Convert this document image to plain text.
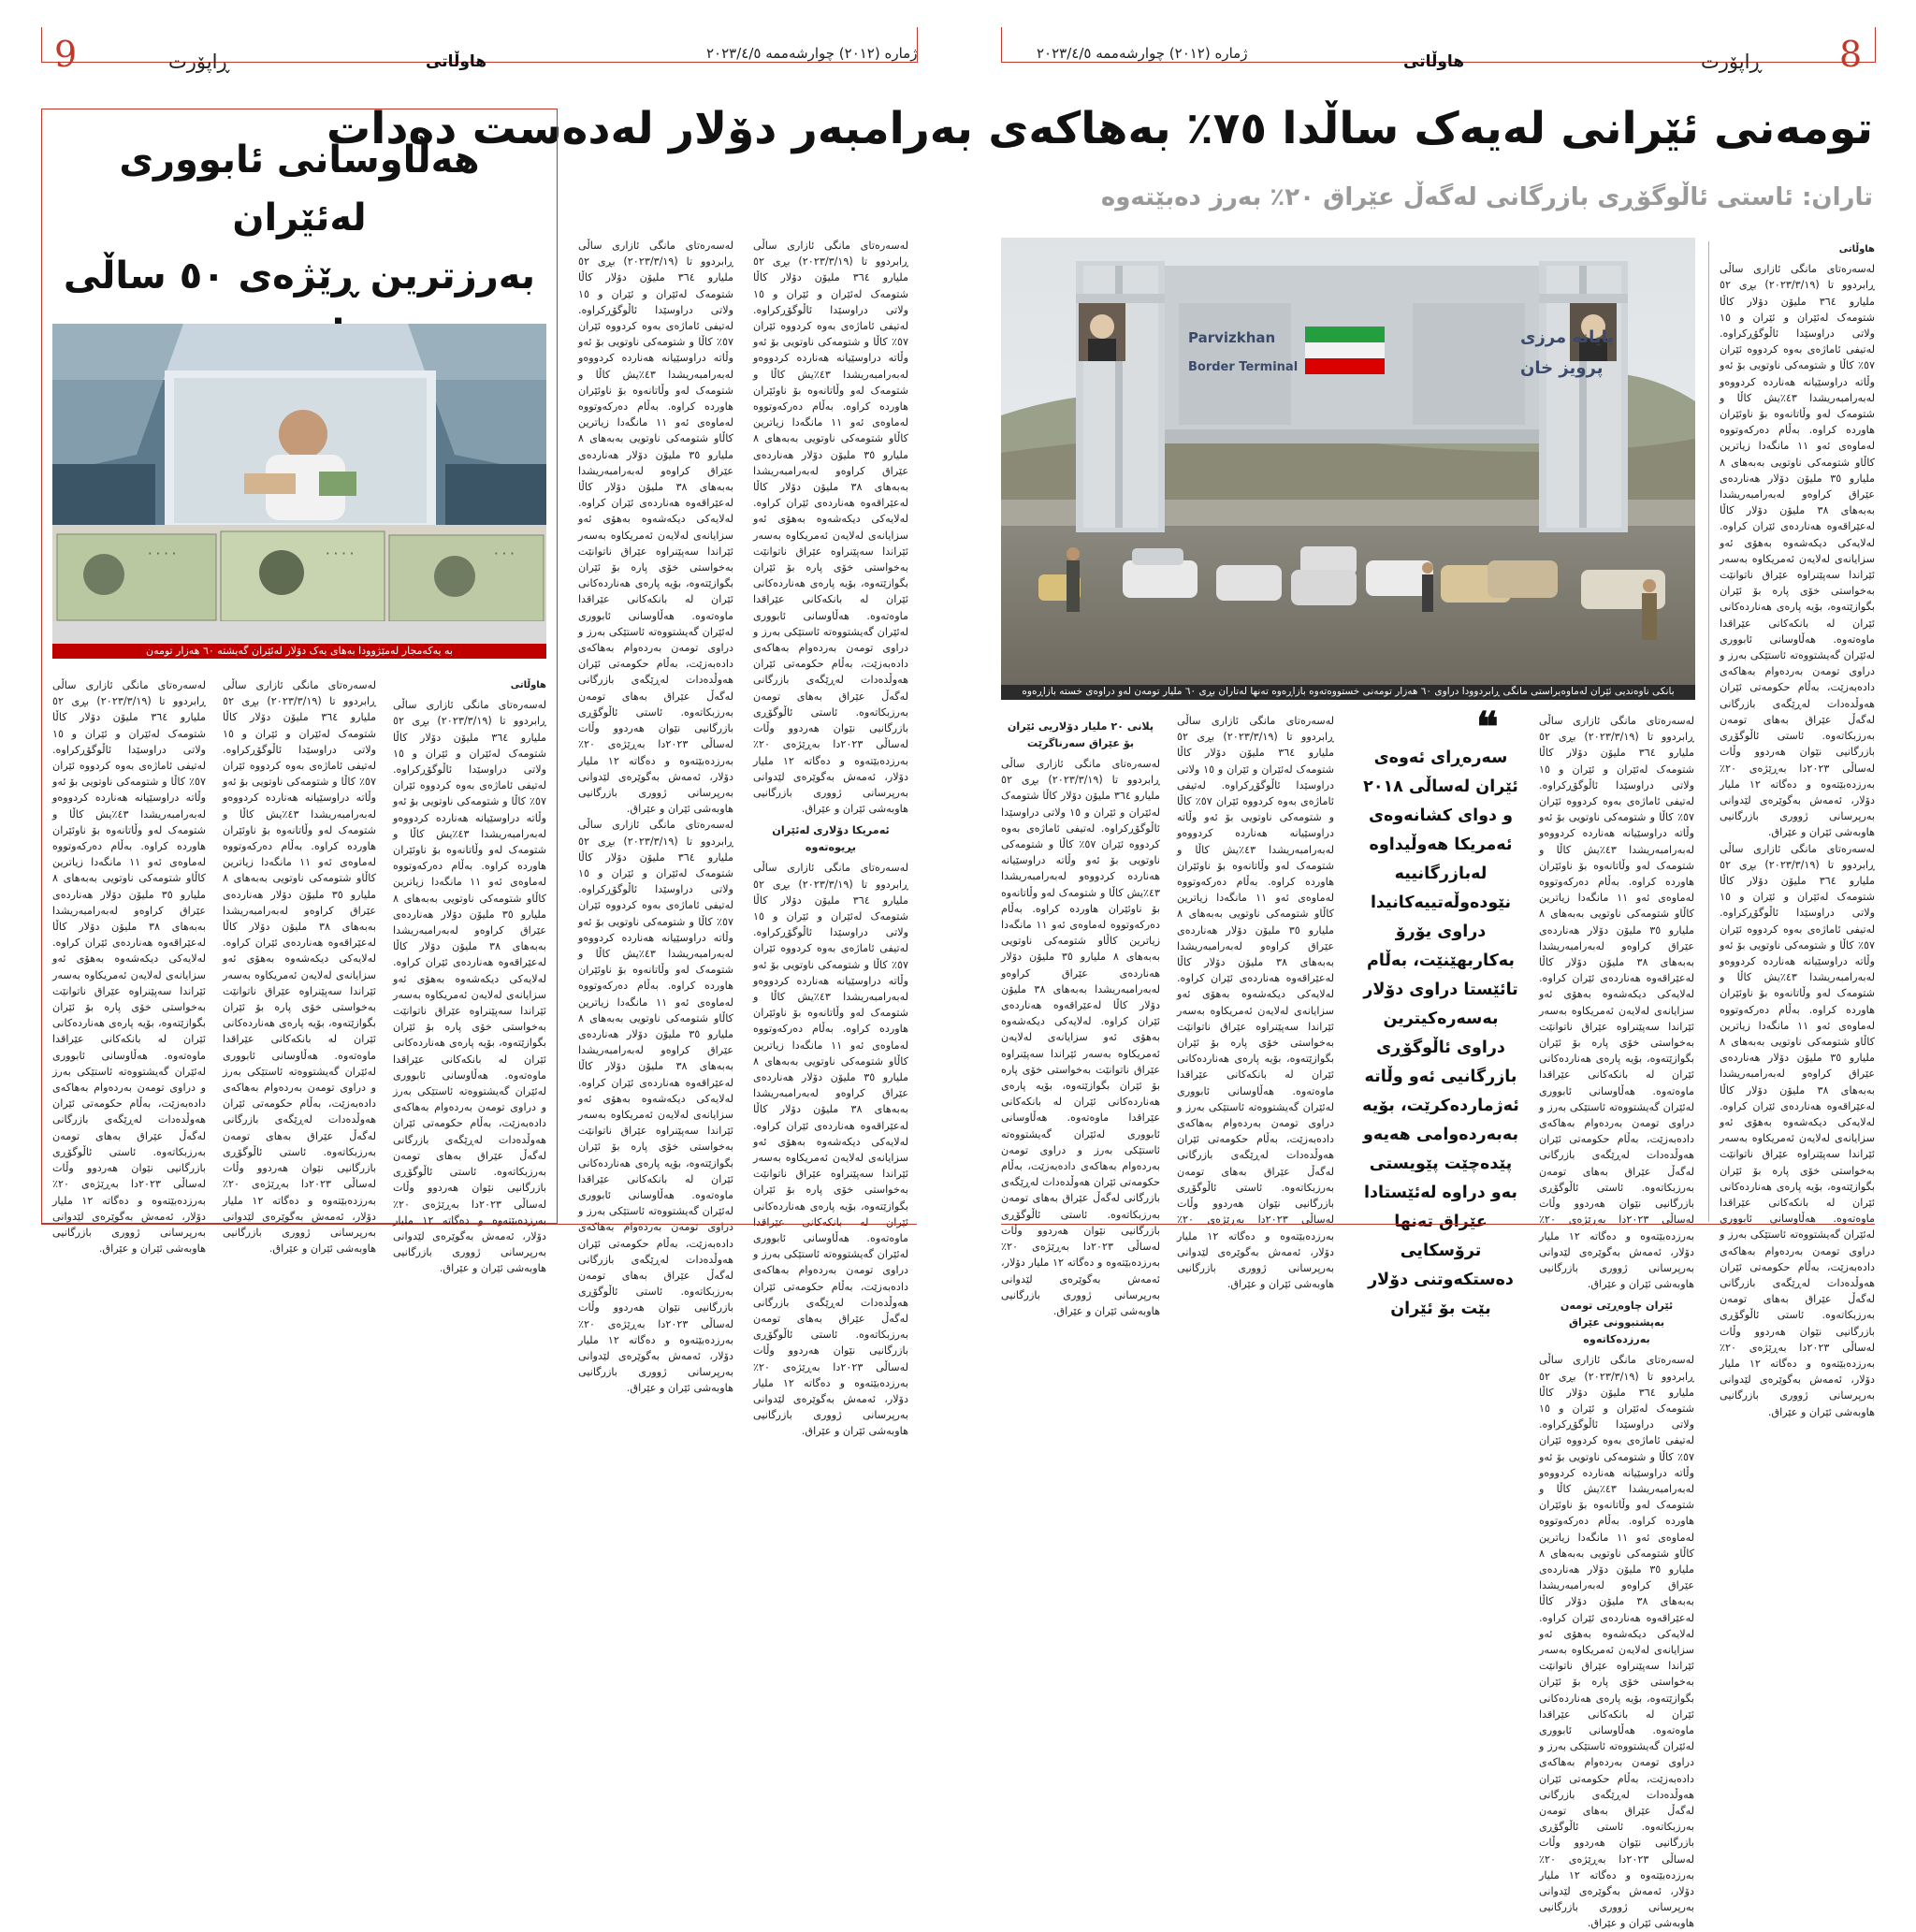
9	ڕاپۆرت	هاوڵاتی	ژمارە (٢٠١٢) چوارشەممە ٢٠٢٣/٤/٥	ژمارە (٢٠١٢) چوارشەممە ٢٠٢٣/٤/٥	هاوڵاتی	ڕاپۆرت 8
تومەنی ئێرانی لەیەک ساڵدا ٧٥٪ بەهاکەی بەرامبەر دۆلار لەدەست دەدات
تاران: ئاستی ئاڵوگۆڕی بازرگانی لەگەڵ عێراق ٢٠٪ بەرز دەبێتەوە
Parvizkhan
Border Terminal
پایانە مرزی
پرویز خان
بانکی ناوەندیی ئێران لەماوەیراستی مانگی ڕابردوودا دراوی ٦٠ هەزار تومەنی خستووەتەوە بازاڕەوە تەنها لەتاران بڕی ٦٠ ملیار تومەن لەو دراوەی خستە بازاڕەوە

هاوڵاتی

لەسەرەتای مانگی ئازاری ساڵی ڕابردوو تا (٢٠٢٣/٣/١٩) بڕی ٥٢ ملیارو ٣٦٤ ملیۆن دۆلار کاڵا شتومەک لەئێران و ئێران و ١٥ ولاتی دراوسێدا ئاڵوگۆڕکراوە. لەتیفی ئاماژەی بەوە کردووە ئێران ٥٧٪ کاڵا و شتومەکی ناوتویی بۆ ئەو وڵاتە دراوسێیانە هەناردە کردووەو لەبەرامبەریشدا ٤٣٪یش کاڵا و شتومەک لەو وڵاتانەوە بۆ ناوئێران هاوردە کراوە. بەڵام دەرکەوتووە لەماوەی ئەو ١١ مانگەدا زیاترین کاڵاو شتومەکی ناوتویی بەبەهای ٨ ملیارو ٣٥ ملیۆن دۆلار هەناردەی عێراق کراوەو لەبەرامبەریشدا بەبەهای ٣٨ ملیۆن دۆلار کاڵا لەعێراقەوە هەناردەی ئێران کراوە. لەلایەکی دیکەشەوە بەهۆی ئەو سزایانەی لەلایەن ئەمریکاوە بەسەر ئێراندا سەپێنراوە عێراق ناتوانێت بەخواستی خۆی پارە بۆ ئێران بگوازێتەوە، بۆیە پارەی هەناردەکانی ئێران لە بانکەکانی عێراقدا ماوەتەوە. هەڵاوسانی ئابووری لەئێران گەیشتووەتە ئاستێکی بەرز و دراوی تومەن بەردەوام بەهاکەی دادەبەزێت، بەڵام حکومەتی ئێران هەوڵدەدات لەڕێگەی بازرگانی لەگەڵ عێراق بەهای تومەن بەرزبکاتەوە. ئاستی ئاڵوگۆڕی بازرگانیی نێوان هەردوو وڵات لەساڵی ٢٠٢٣دا بەڕێژەی ٢٠٪ بەرزدەبێتەوە و دەگاتە ١٢ ملیار دۆلار، ئەمەش بەگوێرەی لێدوانی بەرپرسانی ژووری بازرگانیی هاوبەشی ئێران و عێراق.

لەسەرەتای مانگی ئازاری ساڵی ڕابردوو تا (٢٠٢٣/٣/١٩) بڕی ٥٢ ملیارو ٣٦٤ ملیۆن دۆلار کاڵا شتومەک لەئێران و ئێران و ١٥ ولاتی دراوسێدا ئاڵوگۆڕکراوە. لەتیفی ئاماژەی بەوە کردووە ئێران ٥٧٪ کاڵا و شتومەکی ناوتویی بۆ ئەو وڵاتە دراوسێیانە هەناردە کردووەو لەبەرامبەریشدا ٤٣٪یش کاڵا و شتومەک لەو وڵاتانەوە بۆ ناوئێران هاوردە کراوە. بەڵام دەرکەوتووە لەماوەی ئەو ١١ مانگەدا زیاترین کاڵاو شتومەکی ناوتویی بەبەهای ٨ ملیارو ٣٥ ملیۆن دۆلار هەناردەی عێراق کراوەو لەبەرامبەریشدا بەبەهای ٣٨ ملیۆن دۆلار کاڵا لەعێراقەوە هەناردەی ئێران کراوە. لەلایەکی دیکەشەوە بەهۆی ئەو سزایانەی لەلایەن ئەمریکاوە بەسەر ئێراندا سەپێنراوە عێراق ناتوانێت بەخواستی خۆی پارە بۆ ئێران بگوازێتەوە، بۆیە پارەی هەناردەکانی ئێران لە بانکەکانی عێراقدا ماوەتەوە. هەڵاوسانی ئابووری لەئێران گەیشتووەتە ئاستێکی بەرز و دراوی تومەن بەردەوام بەهاکەی دادەبەزێت، بەڵام حکومەتی ئێران هەوڵدەدات لەڕێگەی بازرگانی لەگەڵ عێراق بەهای تومەن بەرزبکاتەوە. ئاستی ئاڵوگۆڕی بازرگانیی نێوان هەردوو وڵات لەساڵی ٢٠٢٣دا بەڕێژەی ٢٠٪ بەرزدەبێتەوە و دەگاتە ١٢ ملیار دۆلار، ئەمەش بەگوێرەی لێدوانی بەرپرسانی ژووری بازرگانیی هاوبەشی ئێران و عێراق.

لەسەرەتای مانگی ئازاری ساڵی ڕابردوو تا (٢٠٢٣/٣/١٩) بڕی ٥٢ ملیارو ٣٦٤ ملیۆن دۆلار کاڵا شتومەک لەئێران و ئێران و ١٥ ولاتی دراوسێدا ئاڵوگۆڕکراوە. لەتیفی ئاماژەی بەوە کردووە ئێران ٥٧٪ کاڵا و شتومەکی ناوتویی بۆ ئەو وڵاتە دراوسێیانە هەناردە کردووەو لەبەرامبەریشدا ٤٣٪یش کاڵا و شتومەک لەو وڵاتانەوە بۆ ناوئێران هاوردە کراوە. بەڵام دەرکەوتووە لەماوەی ئەو ١١ مانگەدا زیاترین کاڵاو شتومەکی ناوتویی بەبەهای ٨ ملیارو ٣٥ ملیۆن دۆلار هەناردەی عێراق کراوەو لەبەرامبەریشدا بەبەهای ٣٨ ملیۆن دۆلار کاڵا لەعێراقەوە هەناردەی ئێران کراوە. لەلایەکی دیکەشەوە بەهۆی ئەو سزایانەی لەلایەن ئەمریکاوە بەسەر ئێراندا سەپێنراوە عێراق ناتوانێت بەخواستی خۆی پارە بۆ ئێران بگوازێتەوە، بۆیە پارەی هەناردەکانی ئێران لە بانکەکانی عێراقدا ماوەتەوە. هەڵاوسانی ئابووری لەئێران گەیشتووەتە ئاستێکی بەرز و دراوی تومەن بەردەوام بەهاکەی دادەبەزێت، بەڵام حکومەتی ئێران هەوڵدەدات لەڕێگەی بازرگانی لەگەڵ عێراق بەهای تومەن بەرزبکاتەوە. ئاستی ئاڵوگۆڕی بازرگانیی نێوان هەردوو وڵات لەساڵی ٢٠٢٣دا بەڕێژەی ٢٠٪ بەرزدەبێتەوە و دەگاتە ١٢ ملیار دۆلار، ئەمەش بەگوێرەی لێدوانی بەرپرسانی ژووری بازرگانیی هاوبەشی ئێران و عێراق.

ئێران چاوەڕێی تومەن بەپشتبوونی عێراق بەرزدەکاتەوە

لەسەرەتای مانگی ئازاری ساڵی ڕابردوو تا (٢٠٢٣/٣/١٩) بڕی ٥٢ ملیارو ٣٦٤ ملیۆن دۆلار کاڵا شتومەک لەئێران و ئێران و ١٥ ولاتی دراوسێدا ئاڵوگۆڕکراوە. لەتیفی ئاماژەی بەوە کردووە ئێران ٥٧٪ کاڵا و شتومەکی ناوتویی بۆ ئەو وڵاتە دراوسێیانە هەناردە کردووەو لەبەرامبەریشدا ٤٣٪یش کاڵا و شتومەک لەو وڵاتانەوە بۆ ناوئێران هاوردە کراوە. بەڵام دەرکەوتووە لەماوەی ئەو ١١ مانگەدا زیاترین کاڵاو شتومەکی ناوتویی بەبەهای ٨ ملیارو ٣٥ ملیۆن دۆلار هەناردەی عێراق کراوەو لەبەرامبەریشدا بەبەهای ٣٨ ملیۆن دۆلار کاڵا لەعێراقەوە هەناردەی ئێران کراوە. لەلایەکی دیکەشەوە بەهۆی ئەو سزایانەی لەلایەن ئەمریکاوە بەسەر ئێراندا سەپێنراوە عێراق ناتوانێت بەخواستی خۆی پارە بۆ ئێران بگوازێتەوە، بۆیە پارەی هەناردەکانی ئێران لە بانکەکانی عێراقدا ماوەتەوە. هەڵاوسانی ئابووری لەئێران گەیشتووەتە ئاستێکی بەرز و دراوی تومەن بەردەوام بەهاکەی دادەبەزێت، بەڵام حکومەتی ئێران هەوڵدەدات لەڕێگەی بازرگانی لەگەڵ عێراق بەهای تومەن بەرزبکاتەوە. ئاستی ئاڵوگۆڕی بازرگانیی نێوان هەردوو وڵات لەساڵی ٢٠٢٣دا بەڕێژەی ٢٠٪ بەرزدەبێتەوە و دەگاتە ١٢ ملیار دۆلار، ئەمەش بەگوێرەی لێدوانی بەرپرسانی ژووری بازرگانیی هاوبەشی ئێران و عێراق.

❝
سەرەڕای ئەوەی ئێران لەساڵی ٢٠١٨ و دوای کشانەوەی ئەمریکا هەوڵیداوە لەبازرگانییە نێودەوڵەتییەکانیدا دراوی یۆرۆ بەکاربهێنێت، بەڵام تائێستا دراوی دۆلار بەسەرەکیترین دراوی ئاڵوگۆڕی بازرگانیی ئەو وڵاتە ئەژماردەکرێت، بۆیە بەبەردەوامی هەیەو پێدەچێت پێویستی بەو دراوە لەئێستادا عێراق تەنها ترۆسکایی دەستکەوتنی دۆلار بێت بۆ ئێران

لەسەرەتای مانگی ئازاری ساڵی ڕابردوو تا (٢٠٢٣/٣/١٩) بڕی ٥٢ ملیارو ٣٦٤ ملیۆن دۆلار کاڵا شتومەک لەئێران و ئێران و ١٥ ولاتی دراوسێدا ئاڵوگۆڕکراوە. لەتیفی ئاماژەی بەوە کردووە ئێران ٥٧٪ کاڵا و شتومەکی ناوتویی بۆ ئەو وڵاتە دراوسێیانە هەناردە کردووەو لەبەرامبەریشدا ٤٣٪یش کاڵا و شتومەک لەو وڵاتانەوە بۆ ناوئێران هاوردە کراوە. بەڵام دەرکەوتووە لەماوەی ئەو ١١ مانگەدا زیاترین کاڵاو شتومەکی ناوتویی بەبەهای ٨ ملیارو ٣٥ ملیۆن دۆلار هەناردەی عێراق کراوەو لەبەرامبەریشدا بەبەهای ٣٨ ملیۆن دۆلار کاڵا لەعێراقەوە هەناردەی ئێران کراوە. لەلایەکی دیکەشەوە بەهۆی ئەو سزایانەی لەلایەن ئەمریکاوە بەسەر ئێراندا سەپێنراوە عێراق ناتوانێت بەخواستی خۆی پارە بۆ ئێران بگوازێتەوە، بۆیە پارەی هەناردەکانی ئێران لە بانکەکانی عێراقدا ماوەتەوە. هەڵاوسانی ئابووری لەئێران گەیشتووەتە ئاستێکی بەرز و دراوی تومەن بەردەوام بەهاکەی دادەبەزێت، بەڵام حکومەتی ئێران هەوڵدەدات لەڕێگەی بازرگانی لەگەڵ عێراق بەهای تومەن بەرزبکاتەوە. ئاستی ئاڵوگۆڕی بازرگانیی نێوان هەردوو وڵات لەساڵی ٢٠٢٣دا بەڕێژەی ٢٠٪ بەرزدەبێتەوە و دەگاتە ١٢ ملیار دۆلار، ئەمەش بەگوێرەی لێدوانی بەرپرسانی ژووری بازرگانیی هاوبەشی ئێران و عێراق.

پلانی ٢٠ ملیار دۆلاریی ئێران بۆ عێراق سەرناگرێت

لەسەرەتای مانگی ئازاری ساڵی ڕابردوو تا (٢٠٢٣/٣/١٩) بڕی ٥٢ ملیارو ٣٦٤ ملیۆن دۆلار کاڵا شتومەک لەئێران و ئێران و ١٥ ولاتی دراوسێدا ئاڵوگۆڕکراوە. لەتیفی ئاماژەی بەوە کردووە ئێران ٥٧٪ کاڵا و شتومەکی ناوتویی بۆ ئەو وڵاتە دراوسێیانە هەناردە کردووەو لەبەرامبەریشدا ٤٣٪یش کاڵا و شتومەک لەو وڵاتانەوە بۆ ناوئێران هاوردە کراوە. بەڵام دەرکەوتووە لەماوەی ئەو ١١ مانگەدا زیاترین کاڵاو شتومەکی ناوتویی بەبەهای ٨ ملیارو ٣٥ ملیۆن دۆلار هەناردەی عێراق کراوەو لەبەرامبەریشدا بەبەهای ٣٨ ملیۆن دۆلار کاڵا لەعێراقەوە هەناردەی ئێران کراوە. لەلایەکی دیکەشەوە بەهۆی ئەو سزایانەی لەلایەن ئەمریکاوە بەسەر ئێراندا سەپێنراوە عێراق ناتوانێت بەخواستی خۆی پارە بۆ ئێران بگوازێتەوە، بۆیە پارەی هەناردەکانی ئێران لە بانکەکانی عێراقدا ماوەتەوە. هەڵاوسانی ئابووری لەئێران گەیشتووەتە ئاستێکی بەرز و دراوی تومەن بەردەوام بەهاکەی دادەبەزێت، بەڵام حکومەتی ئێران هەوڵدەدات لەڕێگەی بازرگانی لەگەڵ عێراق بەهای تومەن بەرزبکاتەوە. ئاستی ئاڵوگۆڕی بازرگانیی نێوان هەردوو وڵات لەساڵی ٢٠٢٣دا بەڕێژەی ٢٠٪ بەرزدەبێتەوە و دەگاتە ١٢ ملیار دۆلار، ئەمەش بەگوێرەی لێدوانی بەرپرسانی ژووری بازرگانیی هاوبەشی ئێران و عێراق.

لەسەرەتای مانگی ئازاری ساڵی ڕابردوو تا (٢٠٢٣/٣/١٩) بڕی ٥٢ ملیارو ٣٦٤ ملیۆن دۆلار کاڵا شتومەک لەئێران و ئێران و ١٥ ولاتی دراوسێدا ئاڵوگۆڕکراوە. لەتیفی ئاماژەی بەوە کردووە ئێران ٥٧٪ کاڵا و شتومەکی ناوتویی بۆ ئەو وڵاتە دراوسێیانە هەناردە کردووەو لەبەرامبەریشدا ٤٣٪یش کاڵا و شتومەک لەو وڵاتانەوە بۆ ناوئێران هاوردە کراوە. بەڵام دەرکەوتووە لەماوەی ئەو ١١ مانگەدا زیاترین کاڵاو شتومەکی ناوتویی بەبەهای ٨ ملیارو ٣٥ ملیۆن دۆلار هەناردەی عێراق کراوەو لەبەرامبەریشدا بەبەهای ٣٨ ملیۆن دۆلار کاڵا لەعێراقەوە هەناردەی ئێران کراوە. لەلایەکی دیکەشەوە بەهۆی ئەو سزایانەی لەلایەن ئەمریکاوە بەسەر ئێراندا سەپێنراوە عێراق ناتوانێت بەخواستی خۆی پارە بۆ ئێران بگوازێتەوە، بۆیە پارەی هەناردەکانی ئێران لە بانکەکانی عێراقدا ماوەتەوە. هەڵاوسانی ئابووری لەئێران گەیشتووەتە ئاستێکی بەرز و دراوی تومەن بەردەوام بەهاکەی دادەبەزێت، بەڵام حکومەتی ئێران هەوڵدەدات لەڕێگەی بازرگانی لەگەڵ عێراق بەهای تومەن بەرزبکاتەوە. ئاستی ئاڵوگۆڕی بازرگانیی نێوان هەردوو وڵات لەساڵی ٢٠٢٣دا بەڕێژەی ٢٠٪ بەرزدەبێتەوە و دەگاتە ١٢ ملیار دۆلار، ئەمەش بەگوێرەی لێدوانی بەرپرسانی ژووری بازرگانیی هاوبەشی ئێران و عێراق.

ئەمریکا دۆلاری لەئێران بڕیوەتەوە

لەسەرەتای مانگی ئازاری ساڵی ڕابردوو تا (٢٠٢٣/٣/١٩) بڕی ٥٢ ملیارو ٣٦٤ ملیۆن دۆلار کاڵا شتومەک لەئێران و ئێران و ١٥ ولاتی دراوسێدا ئاڵوگۆڕکراوە. لەتیفی ئاماژەی بەوە کردووە ئێران ٥٧٪ کاڵا و شتومەکی ناوتویی بۆ ئەو وڵاتە دراوسێیانە هەناردە کردووەو لەبەرامبەریشدا ٤٣٪یش کاڵا و شتومەک لەو وڵاتانەوە بۆ ناوئێران هاوردە کراوە. بەڵام دەرکەوتووە لەماوەی ئەو ١١ مانگەدا زیاترین کاڵاو شتومەکی ناوتویی بەبەهای ٨ ملیارو ٣٥ ملیۆن دۆلار هەناردەی عێراق کراوەو لەبەرامبەریشدا بەبەهای ٣٨ ملیۆن دۆلار کاڵا لەعێراقەوە هەناردەی ئێران کراوە. لەلایەکی دیکەشەوە بەهۆی ئەو سزایانەی لەلایەن ئەمریکاوە بەسەر ئێراندا سەپێنراوە عێراق ناتوانێت بەخواستی خۆی پارە بۆ ئێران بگوازێتەوە، بۆیە پارەی هەناردەکانی ئێران لە بانکەکانی عێراقدا ماوەتەوە. هەڵاوسانی ئابووری لەئێران گەیشتووەتە ئاستێکی بەرز و دراوی تومەن بەردەوام بەهاکەی دادەبەزێت، بەڵام حکومەتی ئێران هەوڵدەدات لەڕێگەی بازرگانی لەگەڵ عێراق بەهای تومەن بەرزبکاتەوە. ئاستی ئاڵوگۆڕی بازرگانیی نێوان هەردوو وڵات لەساڵی ٢٠٢٣دا بەڕێژەی ٢٠٪ بەرزدەبێتەوە و دەگاتە ١٢ ملیار دۆلار، ئەمەش بەگوێرەی لێدوانی بەرپرسانی ژووری بازرگانیی هاوبەشی ئێران و عێراق.

لەسەرەتای مانگی ئازاری ساڵی ڕابردوو تا (٢٠٢٣/٣/١٩) بڕی ٥٢ ملیارو ٣٦٤ ملیۆن دۆلار کاڵا شتومەک لەئێران و ئێران و ١٥ ولاتی دراوسێدا ئاڵوگۆڕکراوە. لەتیفی ئاماژەی بەوە کردووە ئێران ٥٧٪ کاڵا و شتومەکی ناوتویی بۆ ئەو وڵاتە دراوسێیانە هەناردە کردووەو لەبەرامبەریشدا ٤٣٪یش کاڵا و شتومەک لەو وڵاتانەوە بۆ ناوئێران هاوردە کراوە. بەڵام دەرکەوتووە لەماوەی ئەو ١١ مانگەدا زیاترین کاڵاو شتومەکی ناوتویی بەبەهای ٨ ملیارو ٣٥ ملیۆن دۆلار هەناردەی عێراق کراوەو لەبەرامبەریشدا بەبەهای ٣٨ ملیۆن دۆلار کاڵا لەعێراقەوە هەناردەی ئێران کراوە. لەلایەکی دیکەشەوە بەهۆی ئەو سزایانەی لەلایەن ئەمریکاوە بەسەر ئێراندا سەپێنراوە عێراق ناتوانێت بەخواستی خۆی پارە بۆ ئێران بگوازێتەوە، بۆیە پارەی هەناردەکانی ئێران لە بانکەکانی عێراقدا ماوەتەوە. هەڵاوسانی ئابووری لەئێران گەیشتووەتە ئاستێکی بەرز و دراوی تومەن بەردەوام بەهاکەی دادەبەزێت، بەڵام حکومەتی ئێران هەوڵدەدات لەڕێگەی بازرگانی لەگەڵ عێراق بەهای تومەن بەرزبکاتەوە. ئاستی ئاڵوگۆڕی بازرگانیی نێوان هەردوو وڵات لەساڵی ٢٠٢٣دا بەڕێژەی ٢٠٪ بەرزدەبێتەوە و دەگاتە ١٢ ملیار دۆلار، ئەمەش بەگوێرەی لێدوانی بەرپرسانی ژووری بازرگانیی هاوبەشی ئێران و عێراق.

لەسەرەتای مانگی ئازاری ساڵی ڕابردوو تا (٢٠٢٣/٣/١٩) بڕی ٥٢ ملیارو ٣٦٤ ملیۆن دۆلار کاڵا شتومەک لەئێران و ئێران و ١٥ ولاتی دراوسێدا ئاڵوگۆڕکراوە. لەتیفی ئاماژەی بەوە کردووە ئێران ٥٧٪ کاڵا و شتومەکی ناوتویی بۆ ئەو وڵاتە دراوسێیانە هەناردە کردووەو لەبەرامبەریشدا ٤٣٪یش کاڵا و شتومەک لەو وڵاتانەوە بۆ ناوئێران هاوردە کراوە. بەڵام دەرکەوتووە لەماوەی ئەو ١١ مانگەدا زیاترین کاڵاو شتومەکی ناوتویی بەبەهای ٨ ملیارو ٣٥ ملیۆن دۆلار هەناردەی عێراق کراوەو لەبەرامبەریشدا بەبەهای ٣٨ ملیۆن دۆلار کاڵا لەعێراقەوە هەناردەی ئێران کراوە. لەلایەکی دیکەشەوە بەهۆی ئەو سزایانەی لەلایەن ئەمریکاوە بەسەر ئێراندا سەپێنراوە عێراق ناتوانێت بەخواستی خۆی پارە بۆ ئێران بگوازێتەوە، بۆیە پارەی هەناردەکانی ئێران لە بانکەکانی عێراقدا ماوەتەوە. هەڵاوسانی ئابووری لەئێران گەیشتووەتە ئاستێکی بەرز و دراوی تومەن بەردەوام بەهاکەی دادەبەزێت، بەڵام حکومەتی ئێران هەوڵدەدات لەڕێگەی بازرگانی لەگەڵ عێراق بەهای تومەن بەرزبکاتەوە. ئاستی ئاڵوگۆڕی بازرگانیی نێوان هەردوو وڵات لەساڵی ٢٠٢٣دا بەڕێژەی ٢٠٪ بەرزدەبێتەوە و دەگاتە ١٢ ملیار دۆلار، ئەمەش بەگوێرەی لێدوانی بەرپرسانی ژووری بازرگانیی هاوبەشی ئێران و عێراق.

هەڵاوسانی ئابووری لەئێران
بەرزترین ڕێژەی ٥٠ ساڵی
۰۰۰۰	۰۰۰۰	۰۰۰
بە یەکەمجار لەمێژوودا بەهای یەک دۆلار لەئێران گەیشتە ٦٠ هەزار تومەن

هاوڵاتی

لەسەرەتای مانگی ئازاری ساڵی ڕابردوو تا (٢٠٢٣/٣/١٩) بڕی ٥٢ ملیارو ٣٦٤ ملیۆن دۆلار کاڵا شتومەک لەئێران و ئێران و ١٥ ولاتی دراوسێدا ئاڵوگۆڕکراوە. لەتیفی ئاماژەی بەوە کردووە ئێران ٥٧٪ کاڵا و شتومەکی ناوتویی بۆ ئەو وڵاتە دراوسێیانە هەناردە کردووەو لەبەرامبەریشدا ٤٣٪یش کاڵا و شتومەک لەو وڵاتانەوە بۆ ناوئێران هاوردە کراوە. بەڵام دەرکەوتووە لەماوەی ئەو ١١ مانگەدا زیاترین کاڵاو شتومەکی ناوتویی بەبەهای ٨ ملیارو ٣٥ ملیۆن دۆلار هەناردەی عێراق کراوەو لەبەرامبەریشدا بەبەهای ٣٨ ملیۆن دۆلار کاڵا لەعێراقەوە هەناردەی ئێران کراوە. لەلایەکی دیکەشەوە بەهۆی ئەو سزایانەی لەلایەن ئەمریکاوە بەسەر ئێراندا سەپێنراوە عێراق ناتوانێت بەخواستی خۆی پارە بۆ ئێران بگوازێتەوە، بۆیە پارەی هەناردەکانی ئێران لە بانکەکانی عێراقدا ماوەتەوە. هەڵاوسانی ئابووری لەئێران گەیشتووەتە ئاستێکی بەرز و دراوی تومەن بەردەوام بەهاکەی دادەبەزێت، بەڵام حکومەتی ئێران هەوڵدەدات لەڕێگەی بازرگانی لەگەڵ عێراق بەهای تومەن بەرزبکاتەوە. ئاستی ئاڵوگۆڕی بازرگانیی نێوان هەردوو وڵات لەساڵی ٢٠٢٣دا بەڕێژەی ٢٠٪ بەرزدەبێتەوە و دەگاتە ١٢ ملیار دۆلار، ئەمەش بەگوێرەی لێدوانی بەرپرسانی ژووری بازرگانیی هاوبەشی ئێران و عێراق.

لەسەرەتای مانگی ئازاری ساڵی ڕابردوو تا (٢٠٢٣/٣/١٩) بڕی ٥٢ ملیارو ٣٦٤ ملیۆن دۆلار کاڵا شتومەک لەئێران و ئێران و ١٥ ولاتی دراوسێدا ئاڵوگۆڕکراوە. لەتیفی ئاماژەی بەوە کردووە ئێران ٥٧٪ کاڵا و شتومەکی ناوتویی بۆ ئەو وڵاتە دراوسێیانە هەناردە کردووەو لەبەرامبەریشدا ٤٣٪یش کاڵا و شتومەک لەو وڵاتانەوە بۆ ناوئێران هاوردە کراوە. بەڵام دەرکەوتووە لەماوەی ئەو ١١ مانگەدا زیاترین کاڵاو شتومەکی ناوتویی بەبەهای ٨ ملیارو ٣٥ ملیۆن دۆلار هەناردەی عێراق کراوەو لەبەرامبەریشدا بەبەهای ٣٨ ملیۆن دۆلار کاڵا لەعێراقەوە هەناردەی ئێران کراوە. لەلایەکی دیکەشەوە بەهۆی ئەو سزایانەی لەلایەن ئەمریکاوە بەسەر ئێراندا سەپێنراوە عێراق ناتوانێت بەخواستی خۆی پارە بۆ ئێران بگوازێتەوە، بۆیە پارەی هەناردەکانی ئێران لە بانکەکانی عێراقدا ماوەتەوە. هەڵاوسانی ئابووری لەئێران گەیشتووەتە ئاستێکی بەرز و دراوی تومەن بەردەوام بەهاکەی دادەبەزێت، بەڵام حکومەتی ئێران هەوڵدەدات لەڕێگەی بازرگانی لەگەڵ عێراق بەهای تومەن بەرزبکاتەوە. ئاستی ئاڵوگۆڕی بازرگانیی نێوان هەردوو وڵات لەساڵی ٢٠٢٣دا بەڕێژەی ٢٠٪ بەرزدەبێتەوە و دەگاتە ١٢ ملیار دۆلار، ئەمەش بەگوێرەی لێدوانی بەرپرسانی ژووری بازرگانیی هاوبەشی ئێران و عێراق.

لەسەرەتای مانگی ئازاری ساڵی ڕابردوو تا (٢٠٢٣/٣/١٩) بڕی ٥٢ ملیارو ٣٦٤ ملیۆن دۆلار کاڵا شتومەک لەئێران و ئێران و ١٥ ولاتی دراوسێدا ئاڵوگۆڕکراوە. لەتیفی ئاماژەی بەوە کردووە ئێران ٥٧٪ کاڵا و شتومەکی ناوتویی بۆ ئەو وڵاتە دراوسێیانە هەناردە کردووەو لەبەرامبەریشدا ٤٣٪یش کاڵا و شتومەک لەو وڵاتانەوە بۆ ناوئێران هاوردە کراوە. بەڵام دەرکەوتووە لەماوەی ئەو ١١ مانگەدا زیاترین کاڵاو شتومەکی ناوتویی بەبەهای ٨ ملیارو ٣٥ ملیۆن دۆلار هەناردەی عێراق کراوەو لەبەرامبەریشدا بەبەهای ٣٨ ملیۆن دۆلار کاڵا لەعێراقەوە هەناردەی ئێران کراوە. لەلایەکی دیکەشەوە بەهۆی ئەو سزایانەی لەلایەن ئەمریکاوە بەسەر ئێراندا سەپێنراوە عێراق ناتوانێت بەخواستی خۆی پارە بۆ ئێران بگوازێتەوە، بۆیە پارەی هەناردەکانی ئێران لە بانکەکانی عێراقدا ماوەتەوە. هەڵاوسانی ئابووری لەئێران گەیشتووەتە ئاستێکی بەرز و دراوی تومەن بەردەوام بەهاکەی دادەبەزێت، بەڵام حکومەتی ئێران هەوڵدەدات لەڕێگەی بازرگانی لەگەڵ عێراق بەهای تومەن بەرزبکاتەوە. ئاستی ئاڵوگۆڕی بازرگانیی نێوان هەردوو وڵات لەساڵی ٢٠٢٣دا بەڕێژەی ٢٠٪ بەرزدەبێتەوە و دەگاتە ١٢ ملیار دۆلار، ئەمەش بەگوێرەی لێدوانی بەرپرسانی ژووری بازرگانیی هاوبەشی ئێران و عێراق.
